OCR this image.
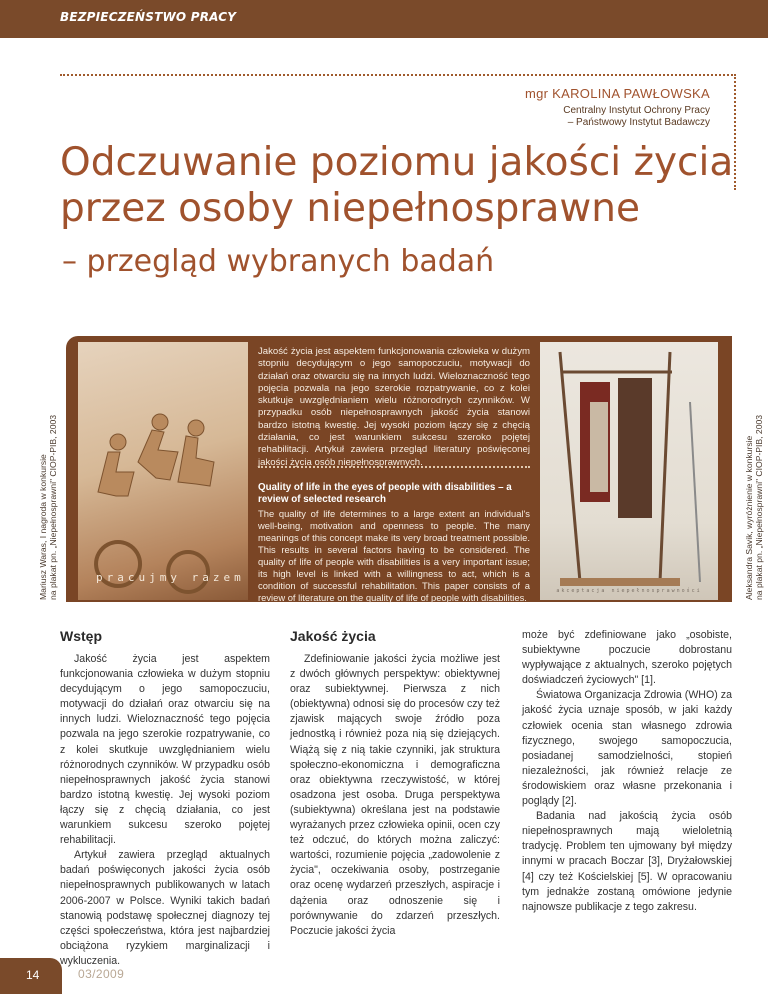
BEZPIECZEŃSTWO PRACY
mgr KAROLINA PAWŁOWSKA
Centralny Instytut Ochrony Pracy
– Państwowy Instytut Badawczy
Odczuwanie poziomu jakości życia
przez osoby niepełnosprawne
– przegląd wybranych badań
pracujmy razem
akceptacja niepełnosprawności

Jakość życia jest aspektem funkcjonowania człowieka w dużym stopniu decydującym o jego samopoczuciu, motywacji do działań oraz otwarciu się na innych ludzi. Wieloznaczność tego pojęcia pozwala na jego szerokie rozpatrywanie, co z kolei skutkuje uwzględnianiem wielu różnorodnych czynników. W przypadku osób niepełnosprawnych jakość życia stanowi bardzo istotną kwestię. Jej wysoki poziom łączy się z chęcią działania, co jest warunkiem sukcesu szeroko pojętej rehabilitacji. Artykuł zawiera przegląd literatury poświęconej jakości życia osób niepełnosprawnych.

Quality of life in the eyes of people with disabilities – a review of selected research

The quality of life determines to a large extent an individual's well-being, motivation and openness to people. The many meanings of this concept make its very broad treatment possible. This results in several factors having to be considered. The quality of life of people with disabilities is a very important issue; its high level is linked with a willingness to act, which is a condition of successful rehabilitation. This paper consists of a review of literature on the quality of life of people with disabilities.

Mariusz Waras, I nagroda w konkursie na plakat pn. „Niepełnosprawni" CIOP-PIB, 2003	Aleksandra Savik, wyróżnienie w konkursie na plakat pn. „Niepełnosprawni" CIOP-PIB, 2003
Wstęp

Jakość życia jest aspektem funkcjonowania człowieka w dużym stopniu decydującym o jego samopoczuciu, motywacji do działań oraz otwarciu się na innych ludzi. Wieloznaczność tego pojęcia pozwala na jego szerokie rozpatrywanie, co z kolei skutkuje uwzględnianiem wielu różnorodnych czynników. W przypadku osób niepełnosprawnych jakość życia stanowi bardzo istotną kwestię. Jej wysoki poziom łączy się z chęcią działania, co jest warunkiem sukcesu szeroko pojętej rehabilitacji.

Artykuł zawiera przegląd aktualnych badań poświęconych jakości życia osób niepełnosprawnych publikowanych w latach 2006-2007 w Polsce. Wyniki takich badań stanowią podstawę społecznej diagnozy tej części społeczeństwa, która jest najbardziej obciążona ryzykiem marginalizacji i wykluczenia.

Jakość życia

Zdefiniowanie jakości życia możliwe jest z dwóch głównych perspektyw: obiektywnej oraz subiektywnej. Pierwsza z nich (obiektywna) odnosi się do procesów czy też zjawisk mających swoje źródło poza jednostką i również poza nią się dziejących. Wiążą się z nią takie czynniki, jak struktura społeczno-ekonomiczna i demograficzna oraz obiektywna rzeczywistość, w której osadzona jest osoba. Druga perspektywa (subiektywna) określana jest na podstawie wyrażanych przez człowieka opinii, ocen czy też odczuć, do których można zaliczyć: wartości, rozumienie pojęcia „zadowolenie z życia", oczekiwania osoby, postrzeganie oraz ocenę wydarzeń przeszłych, aspiracje i dążenia oraz odnoszenie się i porównywanie do zdarzeń przeszłych. Poczucie jakości życia

może być zdefiniowane jako „osobiste, subiektywne poczucie dobrostanu wypływające z aktualnych, szeroko pojętych doświadczeń życiowych" [1].

Światowa Organizacja Zdrowia (WHO) za jakość życia uznaje sposób, w jaki każdy człowiek ocenia stan własnego zdrowia fizycznego, swojego samopoczucia, posiadanej samodzielności, stopień niezależności, jak również relacje ze środowiskiem oraz własne przekonania i poglądy [2].

Badania nad jakością życia osób niepełnosprawnych mają wieloletnią tradycję. Problem ten ujmowany był między innymi w pracach Boczar [3], Dryżałowskiej [4] czy też Kościelskiej [5]. W opracowaniu tym jednakże zostaną omówione jedynie najnowsze publikacje z tego zakresu.

14	03/2009
